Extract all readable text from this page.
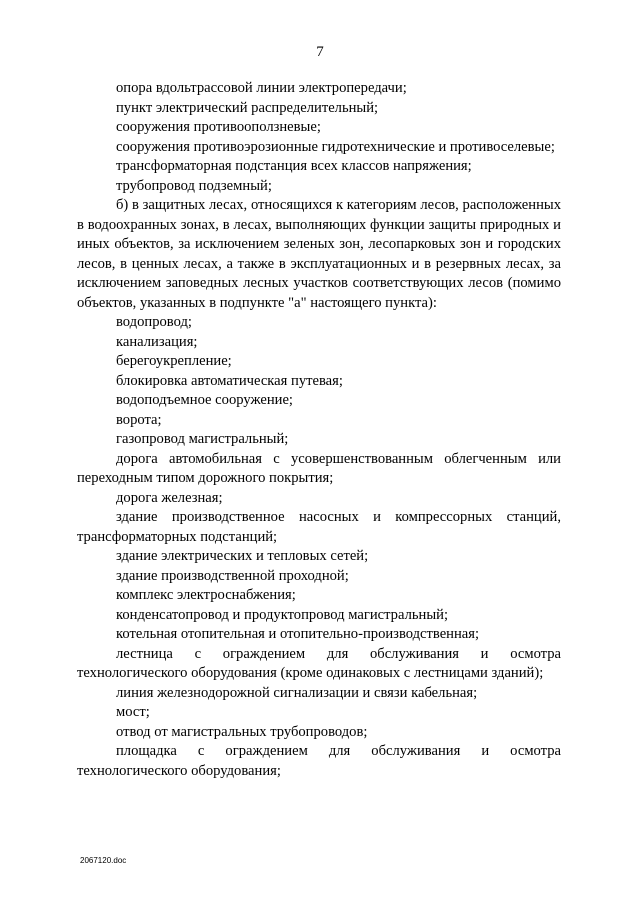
7

опора вдольтрассовой линии электропередачи;

пункт электрический распределительный;

сооружения противооползневые;

сооружения противоэрозионные гидротехнические и противоселевые;

трансформаторная подстанция всех классов напряжения;

трубопровод подземный;

б) в защитных лесах, относящихся к категориям лесов, расположенных в водоохранных зонах, в лесах, выполняющих функции защиты природных и иных объектов, за исключением зеленых зон, лесопарковых зон и городских лесов, в ценных лесах, а также в эксплуатационных и в резервных лесах, за исключением заповедных лесных участков соответствующих лесов (помимо объектов, указанных в подпункте "а" настоящего пункта):

водопровод;

канализация;

берегоукрепление;

блокировка автоматическая путевая;

водоподъемное сооружение;

ворота;

газопровод магистральный;

дорога автомобильная с усовершенствованным облегченным или переходным типом дорожного покрытия;

дорога железная;

здание производственное насосных и компрессорных станций, трансформаторных подстанций;

здание электрических и тепловых сетей;

здание производственной проходной;

комплекс электроснабжения;

конденсатопровод и продуктопровод магистральный;

котельная отопительная и отопительно-производственная;

лестница с ограждением для обслуживания и осмотра технологического оборудования (кроме одинаковых с лестницами зданий);

линия железнодорожной сигнализации и связи кабельная;

мост;

отвод от магистральных трубопроводов;

площадка с ограждением для обслуживания и осмотра технологического оборудования;

2067120.doc
